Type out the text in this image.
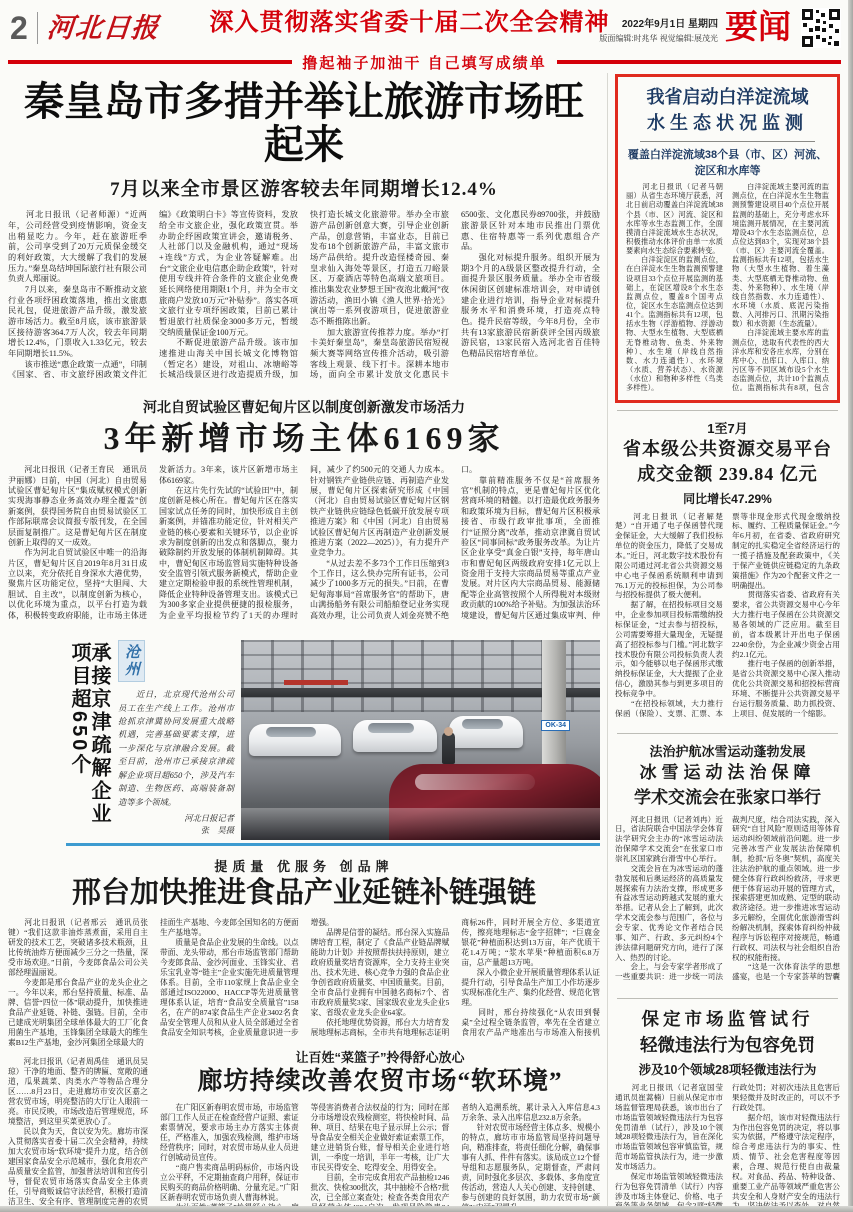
2 河北日报	深入贯彻落实省委十届二次全会精神	2022年9月1日 星期四
版面编辑:时兆华 视觉编辑:展茂光 要闻
撸起袖子加油干 自己填写成绩单
秦皇岛市多措并举让旅游市场旺起来
7月以来全市景区游客较去年同期增长12.4%
　　河北日报讯（记者师源）“近两年，公司经营受到疫情影响，资金支出稍显吃力。今年，赶在旅游旺季前，公司享受到了20万元质保金缓交的利好政策，大大缓解了我们的发展压力。”秦皇岛结坤国际旅行社有限公司负责人郑丽说。
　　7月以来，秦皇岛市不断推动文旅行业各项纾困政策落地，推出文旅惠民礼包，促进旅游产品升级，激发旅游市场活力。截至8月底，该市旅游景区接待游客364.7万人次，较去年同期增长12.4%，门票收入1.33亿元，较去年同期增长11.5%。
　　该市推送“惠企政策一点通”，印制《国家、省、市文旅纾困政策文件汇编》《政策明白卡》等宣传资料，发放给全市文旅企业，强化政策宣贯。举办助企纾困政策宣讲会，邀请税务、人社部门以及金融机构，通过“现场+连线”方式，为企业答疑解难。出台“文旅企业电信惠企助企政策”，针对使用专线并符合条件的文旅企业免费延长网络使用期限1个月，并为全市文旅商户发放10万元“补贴券”。落实各项文旅行业专项纾困政策，目前已累计暂退旅行社质保金3000多万元，暂缓交纳质量保证金100万元。
　　不断促进旅游产品升级。该市加速推进山海关中国长城文化博物馆（暂定名）建设，对祖山、冰塘峪等长城沿线景区进行改造提质升级，加快打造长城文化旅游带。举办全市旅游产品创新创意大赛，引导企业创新产品，创意营销，丰富业态，目前已发布18个创新旅游产品，丰富文旅市场产品供给。提升改造怪楼奇园、秦皇求仙入海处等景区，打造五刀峪景区、万豪酒店等特色高端文旅项目。推出集发农业梦想王国“夜泡北戴河”夜游活动，渔田小镇《渔人世界·拾光》演出等一系列夜游项目，促进旅游业态不断推陈出新。
　　加大旅游宣传推荐力度。举办“打卡美好秦皇岛”，秦皇岛旅游民宿短视频大赛等网络宣传推介活动，吸引游客线上观景、线下打卡。深耕本地市场，面向全市累计发放文化惠民卡6500张、文化惠民券89700张，并鼓励旅游景区针对本地市民推出门票优惠、住宿特惠等一系列优惠组合产品。
　　强化对标提升服务。组织开展为期3个月的A级景区整改提升行动，全面提升景区服务质量。举办全市省级休闲街区创建标准培训会，对申请创建企业进行培训，指导企业对标提升服务水平和消费环境，打造亮点特色。提升民宿等级，今年8月份，全市共有13家旅游民宿新获评全国丙级旅游民宿，13家民宿入选河北省百佳特色精品民宿培育单位。
河北自贸试验区曹妃甸片区以制度创新激发市场活力
3年新增市场主体6169家
　　河北日报讯（记者王育民　通讯员尹丽娜）日前，中国（河北）自由贸易试验区曹妃甸片区“集成赋权模式创新实现海事静态业务高效办理全覆盖”创新案例，获得国务院自由贸易试验区工作部际联席会议简报专版刊发，在全国层面复制推广。这是曹妃甸片区在制度创新上取得的又一成效。
　　作为河北自贸试验区中唯一的沿海片区，曹妃甸片区自2019年8月31日成立以来，充分依托自身深水大港优势，聚焦片区功能定位，坚持“大胆闯、大胆试、自主改”，以制度创新为核心，以优化环境为重点，以平台打造为载体，积极转变政府职能，让市场主体迸发新活力。3年来，该片区新增市场主体6169家。
　　在这片先行先试的“试验田”中，制度创新是核心所在。曹妃甸片区在落实国家试点任务的同时，加快形成自主创新案例，并锚准功能定位，针对相关产业链的核心要素和关键环节，以企业诉求为制度创新的出发点和落脚点，聚力破除制约开放发展的体制机制障碍。其中，曹妃甸区市场监管局实施特种设备安全监管引领式服务新模式，帮助企业建立定期检验申报的系统性管理机制，降低企业特种设备管理支出。该模式已为300多家企业提供便捷的报检服务，为企业平均报检节约了1天的办理时间，减少了约500元的交通人力成本。针对钢铁产业链供应链、再制造产业发展，曹妃甸片区探索研究形成《中国（河北）自由贸易试验区曹妃甸片区钢铁产业链供应链绿色低碳开放发展专项推进方案》和《中国（河北）自由贸易试验区曹妃甸片区再制造产业创新发展推进方案（2022—2025）》，有力提升产业竞争力。
　　“从过去差不多73个工作日压缩到3个工作日，这么快办完所有证书，公司减少了1000多万元的损失。”日前，在曹妃甸海事局“首席服务官”的帮助下，唐山满扬船务有限公司船舶登记业务实现高效办理，让公司负责人刘金亮赞不绝口。
　　靠前精准服务不仅是“首席服务官”机制的特点，更是曹妃甸片区优化营商环境的精髓。以打造最优政务服务和政策环境为目标，曹妃甸片区积极承接省、市级行政审批事项，全面推行“证照分离”改革，推动京津冀自贸试验区“同事同标”政务服务改革。为让片区企业享受“真金白银”支持，每年唐山市和曹妃甸区两级政府安排1亿元以上资金用于支持大宗商品贸易等重点产业发展。对片区内大宗商品贸易、能源储配等企业高管按照个人所得税对本级财政贡献的100%给予补贴。为加强法治环境建设，曹妃甸片区通过集成审判、仲
承接京津疏解企业项目超650个	沧州
　　近日，北京现代沧州公司员工在生产线上工作。沧州市抢抓京津冀协同发展重大战略机遇，完善基础要素支撑，进一步深化与京津融合发展。截至目前，沧州市已承接京津疏解企业项目超650个，涉及汽车制造、生物医药、高端装备制造等多个领域。
河北日报记者
张　昊摄
OK-34
提质量 优服务 创品牌
邢台加快推进食品产业延链补链强链
　　河北日报讯（记者邢云　通讯员张键）“我们这款非油炸蒸煮面，采用自主研发的技术工艺，突破诸多技术瓶颈，且比传统油炸方便面减少三分之一热量，深受市场欢迎。”日前，今麦郎食品公司公关部经理温丽说。
　　今麦郎是邢台食品产业的龙头企业之一。今年以来，邢台坚持质量、标准、品牌、信誉“四位一体”联动提升，加快推进食品产业延链、补链、强链。目前，全市已建成光明集团全球单体最大的工厂化食用菌生产基地，玉锋集团全球最大的维生素B12生产基地，金沙河集团全球最大的
　　河北日报讯（记者周禹佳　通讯员吴琼）干净的地面、整齐的牌匾、宽敞的通道，瓜果蔬菜、肉类水产等物品合理分区……8月23日，走进廊坊市安次区嘉之营农贸市场，明亮整洁的大厅让人眼前一亮。市民反映，市场改造后管理规范，环境整洁，到这里买菜更放心了。
　　民以食为天，食以安为先。廊坊市深入贯彻落实省委十届二次全会精神，持续加大农贸市场“软环境”提升力度，结合创建国家食品安全示范城市，强化食用农产品质量安全监管，加强普法培训和宣传引导，督促农贸市场落实食品安全主体责任，引导商贩诚信守法经营，积极打造清洁卫生、安全有序、管理制度完善的农贸
挂面生产基地、今麦郎全国知名的方便面生产基地等。
　　质量是食品企业发展的生命线。以点带面、龙头带动，邢台市场监管部门帮助今麦郎食品、金沙河面业、玉锋实业、君乐宝乳业等“链主”企业实施先进质量管理体系。目前，全市110家规上食品企业全部通过ISO22000、HACCP等先进质量管理体系认证，培育“食品安全质量官”158名，在产的874家食品生产企业3402名食品安全管理人员和从业人员全部通过全省食品安全知识考核，企业质量意识进一步增强。
　　品牌是信誉的凝结。邢台深入实施品牌培育工程，制定了《食品产业链品牌赋能助力计划》并按照帮扶扶持原则，建立政府质量奖培育资源库，全力支持主业突出、技术先进、核心竞争力强的食品企业争创省政府质量奖、中国质量奖。目前，全市食品行业拥有中国驰名商标7个、省市政府质量奖3家、国家级农业龙头企业5家、省级农业龙头企业64家。
　　依托地理优势资源，邢台大力培育发展地理标志商标，全市共有地理标志证明商标26件，同时开展全方位、多渠道宣传，擦亮地理标志“金字招牌”；“巨鹿金银花”种植面积达到13万亩，年产优质干花1.4万吨；“浆水苹果”种植面积6.8万亩，总产量超13万吨。
　　深入小微企业开展质量管理体系认证提升行动，引导食品生产加工小作坊逐步实现标准化生产、集约化经营、规范化管理。
　　同时，邢台持续强化“从农田到餐桌”全过程全链条监管，率先在全省建立食用农产品产地准出与市场准入衔接机
让百姓“菜篮子”拎得舒心放心
廊坊持续改善农贸市场“软环境”
　　在广阳区新春明农贸市场，市场监管部门工作人员正在检查经营户证照、索证索票情况，要求市场主办方落实主体责任，严格准入，加强农残检测，维护市场经营秩序；同时，对农贸市场从业人员进行创城动员宣传。
　　“商户售卖商品明码标价，市场内设立公平秤，不定期抽查商户用秤，保证市民购买的商品价格明确、分量充足。”广阳区新春明农贸市场负责人曹海林说。
　　等侵害消费者合法权益的行为；同时在部分市场增设农残检测室，将快检时间、品种、项目、结果在电子显示屏上公示；督导食品安全相关企业做好索证索票工作，建立进销货台账，督导相关企业进行培训，一季度一培训，半年一考核，让广大市民买得安全、吃得安全、用得安全。
　　目前，全市完成食用农产品抽检1246批次、快检300批次，其中抽检不合格7批次，已全部立案查处；检查各类食用农产 者纳入追溯系统，累计录入入库信息4.3万余条、录入出库信息232.8万余条。
　　针对农贸市场经营主体点多、规模小的特点，廊坊市市场监管局坚持问题导向，精准排查，将责任细化分解，确保事事有人抓、件件有落实。该局成立12个督导组和志愿服务队，定期督查，严肃问责，同时强化多层次、多载体、多角度宣传活动，营造人人关心创建、支持创建、参与创建的良好氛围，助力农贸市场“颜
我省启动白洋淀流域
水生态状况监测
覆盖白洋淀流域38个县（市、区）河流、淀区和水库等
　　河北日报讯（记者马朝丽）从省生态环境厅获悉，河北日前启动覆盖白洋淀流域38个县（市、区）河流、淀区和水库等水生态监测工作，全面摸清白洋淀流域水生态状况，积极推动水体评价由单一水质要素向水生态综合要素转变。
　　白洋淀淀区的监测点位，在白洋淀水生生物监测预警建设项目33个点位开展监测的基础上，在淀区增设8个水生态监测点位，覆盖8个国考点位，淀区水生态监测点位达到41个。监测指标共有12项，包括水生物（浮游植物、浮游动物、大型水生植物、大型底栖无脊椎动物、鱼类、外来物种）、水生境（岸线自然指数、水力连通性）、水环境（水质、营养状态）、水资源（水位）和物种多样性（鸟类多样性）。
　　白洋淀流域主要河流的监测点位，在白洋淀水生生物监测预警建设项目40个点位开展监测的基础上，充分考虑水环境监测开展情况，在主要河流增设43个水生态监测点位，总点位达到83个，实现对38个县（市、区）主要河流全覆盖。监测指标共有12项，包括水生物（大型水生植物、着生藻类、大型底栖无脊椎动物、鱼类、外来物种）、水生境（岸线自然指数、水力连通性）、水环境（水质、底泥污染指数、入河排污口、汛期污染指数）和水资源（生态流量）。
　　白洋淀流域主要水库的监测点位，选取有代表性的西大洋水库和安各庄水库，分别在库中心、出库口、入库口、纳污区等不同区域布设5个水生态监测点位，共计10个监测点位。监测指标共有8项，包含
1至7月
省本级公共资源交易平台
成交金额 239.84 亿元
同比增长47.29%
　　河北日报讯（记者解楚楚）“自开通了电子保函替代现金保证金，大大缓解了我们投标单位的资金压力，降低了交易成本。”近日，河北数字技术股份有限公司通过河北省公共资源交易中心电子保函系统顺利申请到76.1万元的投标担保，为公司参与招投标提供了极大便利。
　　据了解，在招投标项目交易中，企业参加项目投标需缴纳投标保证金，“过去参与招投标，公司需要筹措大量现金，无疑提高了招投标参与门槛。”河北数字技术股份有限公司投标负责人表示，如今能够以电子保函形式缴纳投标保证金，大大提振了企业信心，激励其参与到更多项目的投标竞争中。
　　“在招投标领域，大力推行保函（保险）、支票、汇票、本票等非现金形式代现金缴纳投标、履约、工程质量保证金。”今年6月初，在省委、省政府研究制定的扎实稳定全省经济运行的一揽子措施及配套政策中，《关于保产业链供应链稳定的九条政策措施》作为20个配套文件之一明确提出。
　　贯彻落实省委、省政府有关要求，省公共资源交易中心今年大力推行电子保函在公共资源交易各领域的广泛应用。截至目前，省本级累计开出电子保函2240余份，为企业减少资金占用约2.1亿元。
　　推行电子保函的创新举措，是省公共资源交易中心深入推动优化公共资源交易和招投标营商环境、不断提升公共资源交易平台运行服务质量、助力抓投资、上项目、促发展的一个缩影。

法治护航冰雪运动蓬勃发展
冰雪运动法治保障
学术交流会在张家口举行
　　河北日报讯（记者刘冉）近日，省法院联合中国法学会体育法学研究会主办的“冰雪运动法治保障学术交流会”在张家口市崇礼区国家跳台滑雪中心举行。
　　交流会旨在为冰雪运动的蓬勃发展和后奥运经济的高质量发展探索有力法治支撑，形成更多有益冰雪运动跨越式发展的重大举措。记者从会上了解到，此次学术交流会参与范围广，各位与会专家、优秀论文作者结合民事、知产、行政、多元纠纷4个涉法律问题研究方向，进行了深入、热烈的讨论。
　　会上，与会专家学者形成了一些重要共识：进一步统一司法裁判尺度，结合司法实践，深入研究“自甘风险”原则适用等体育运动纠纷领域前沿问题。进一步完善冰雪产业发展法治保障机制，抢抓“后冬奥”契机，高度关注法治护航的重点领域。进一步健全体育行政纠纷救济，寻求更便于体育运动开展的管理方式，探索搭建更加成熟、定型的联动救济途径。进一步推进冰雪运动多元解纷，全面优化旅游滑雪纠纷解决机制，探索体育纠纷仲裁程序与诉讼程序对接规范，畅通行政权、司法权与社会组织自治权的权能衔接。
　　“这是一次体育法学的思想盛宴，也是一个专家荟萃的智囊
保定市场监管试行
轻微违法行为包容免罚
涉及10个领域28项轻微违法行为
　　河北日报讯（记者寇国莹　通讯员崔蒿楠）日前从保定市市场监督管理局获悉，该市出台了市场监管领域轻微违法行为包容免罚清单（试行），涉及10个领域28项轻微违法行为，旨在深化市场监管领域包容审慎监管，规范市场监管执法行为，进一步激发市场活力。
　　保定市场监管领域轻微违法行为包容免罚清单（试行）内容涉及市场主体登记、价格、电子 行政处罚；对初次违法且危害后果轻微并及时改正的，可以不予行政处罚。
　　据介绍，该市对轻微违法行为作出包容免罚的决定，将以事实为依据，严格遵守法定程序，综合考虑违法行为的事实、性质、情节、社会危害程度等因素，合理、规范行使自由裁量权。对食品、药品、特种设备、重要工业产品等领域严重危害公共安全和人身财产安全的违法行
